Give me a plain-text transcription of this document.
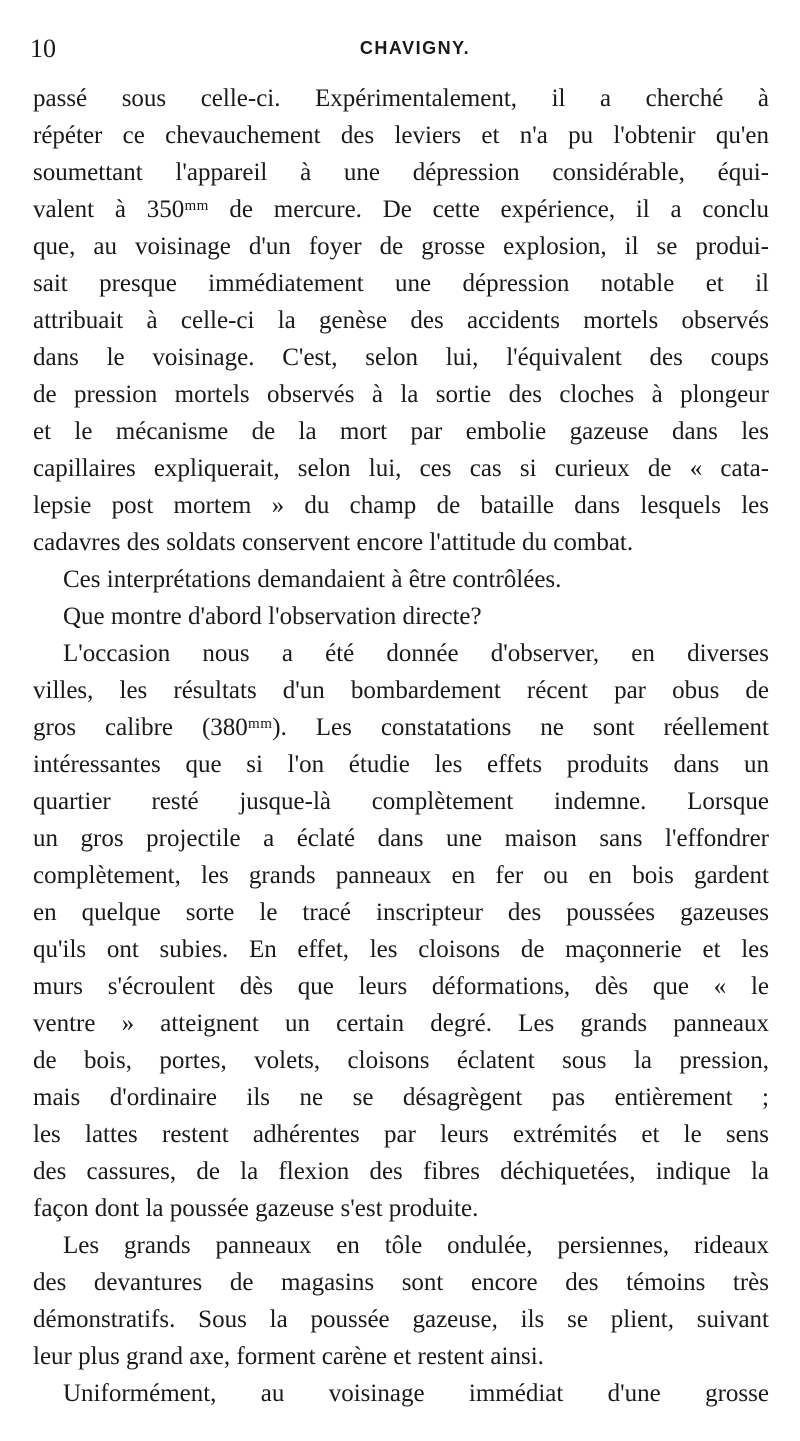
10	CHAVIGNY.
passé sous celle-ci. Expérimentalement, il a cherché à
répéter ce chevauchement des leviers et n'a pu l'obtenir qu'en
soumettant l'appareil à une dépression considérable, équi-
valent à 350ᵐᵐ de mercure. De cette expérience, il a conclu
que, au voisinage d'un foyer de grosse explosion, il se produi-
sait presque immédiatement une dépression notable et il
attribuait à celle-ci la genèse des accidents mortels observés
dans le voisinage. C'est, selon lui, l'équivalent des coups
de pression mortels observés à la sortie des cloches à plongeur
et le mécanisme de la mort par embolie gazeuse dans les
capillaires expliquerait, selon lui, ces cas si curieux de « cata-
lepsie post mortem » du champ de bataille dans lesquels les
cadavres des soldats conservent encore l'attitude du combat.
Ces interprétations demandaient à être contrôlées.
Que montre d'abord l'observation directe?
L'occasion nous a été donnée d'observer, en diverses
villes, les résultats d'un bombardement récent par obus de
gros calibre (380ᵐᵐ). Les constatations ne sont réellement
intéressantes que si l'on étudie les effets produits dans un
quartier resté jusque-là complètement indemne. Lorsque
un gros projectile a éclaté dans une maison sans l'effondrer
complètement, les grands panneaux en fer ou en bois gardent
en quelque sorte le tracé inscripteur des poussées gazeuses
qu'ils ont subies. En effet, les cloisons de maçonnerie et les
murs s'écroulent dès que leurs déformations, dès que « le
ventre » atteignent un certain degré. Les grands panneaux
de bois, portes, volets, cloisons éclatent sous la pression,
mais d'ordinaire ils ne se désagrègent pas entièrement ;
les lattes restent adhérentes par leurs extrémités et le sens
des cassures, de la flexion des fibres déchiquetées, indique la
façon dont la poussée gazeuse s'est produite.
Les grands panneaux en tôle ondulée, persiennes, rideaux
des devantures de magasins sont encore des témoins très
démonstratifs. Sous la poussée gazeuse, ils se plient, suivant
leur plus grand axe, forment carène et restent ainsi.
Uniformément, au voisinage immédiat d'une grosse
